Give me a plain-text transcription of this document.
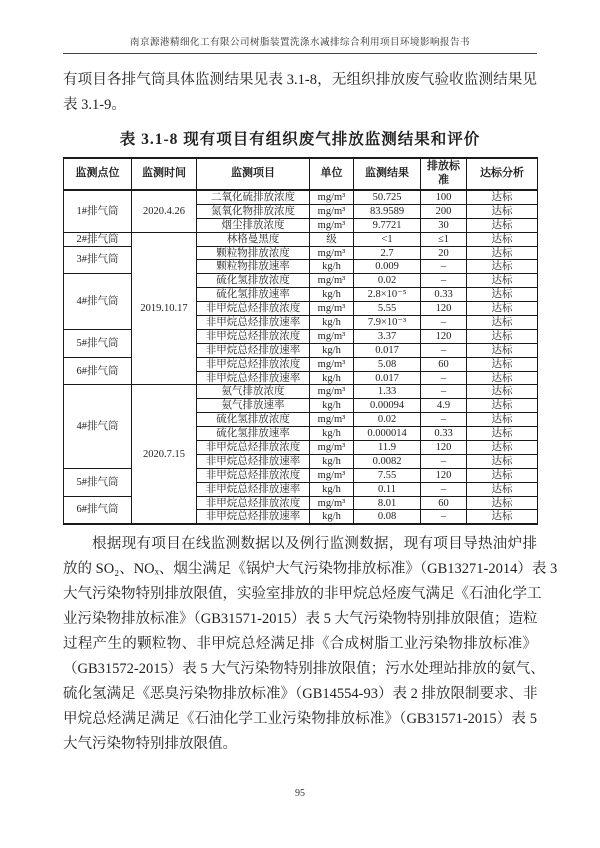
南京源港精细化工有限公司树脂装置洗涤水减排综合利用项目环境影响报告书
有项目各排气筒具体监测结果见表 3.1-8，无组织排放废气验收监测结果见
表 3.1-9。
表 3.1-8 现有项目有组织废气排放监测结果和评价
监测点位	监测时间	监测项目	单位	监测结果	排放标准	达标分析
1#排气筒	2020.4.26	二氧化硫排放浓度	mg/m³	50.725	100	达标
		氮氧化物排放浓度	mg/m³	83.9589	200	达标
		烟尘排放浓度	mg/m³	9.7721	30	达标
2#排气筒	2019.10.17	林格曼黑度	级	<1	≤1	达标
3#排气筒		颗粒物排放浓度	mg/m³	2.7	20	达标
		颗粒物排放速率	kg/h	0.009	–	达标
4#排气筒		硫化氢排放浓度	mg/m³	0.02	–	达标
		硫化氢排放速率	kg/h	2.8×10⁻⁵	0.33	达标
		非甲烷总烃排放浓度	mg/m³	5.55	120	达标
		非甲烷总烃排放速率	kg/h	7.9×10⁻³	–	达标
5#排气筒		非甲烷总烃排放浓度	mg/m³	3.37	120	达标
		非甲烷总烃排放速率	kg/h	0.017	–	达标
6#排气筒		非甲烷总烃排放浓度	mg/m³	5.08	60	达标
		非甲烷总烃排放速率	kg/h	0.017	–	达标
4#排气筒	2020.7.15	氨气排放浓度	mg/m³	1.33	–	达标
		氨气排放速率	kg/h	0.00094	4.9	达标
		硫化氢排放浓度	mg/m³	0.02	–	达标
		硫化氢排放速率	kg/h	0.000014	0.33	达标
		非甲烷总烃排放浓度	mg/m³	11.9	120	达标
		非甲烷总烃排放速率	kg/h	0.0082	–	达标
5#排气筒		非甲烷总烃排放浓度	mg/m³	7.55	120	达标
		非甲烷总烃排放速率	kg/h	0.11	–	达标
6#排气筒		非甲烷总烃排放浓度	mg/m³	8.01	60	达标
		非甲烷总烃排放速率	kg/h	0.08	–	达标
根据现有项目在线监测数据以及例行监测数据，现有项目导热油炉排
放的 SO₂、NOₓ、烟尘满足《锅炉大气污染物排放标准》（GB13271-2014）表 3
大气污染物特别排放限值，实验室排放的非甲烷总烃废气满足《石油化学工
业污染物排放标准》（GB31571-2015）表 5 大气污染物特别排放限值；造粒
过程产生的颗粒物、非甲烷总烃满足排《合成树脂工业污染物排放标准》
（GB31572-2015）表 5 大气污染物特别排放限值；污水处理站排放的氨气、
硫化氢满足《恶臭污染物排放标准》（GB14554-93）表 2 排放限制要求、非
甲烷总烃满足满足《石油化学工业污染物排放标准》（GB31571-2015）表 5
大气污染物特别排放限值。
95
